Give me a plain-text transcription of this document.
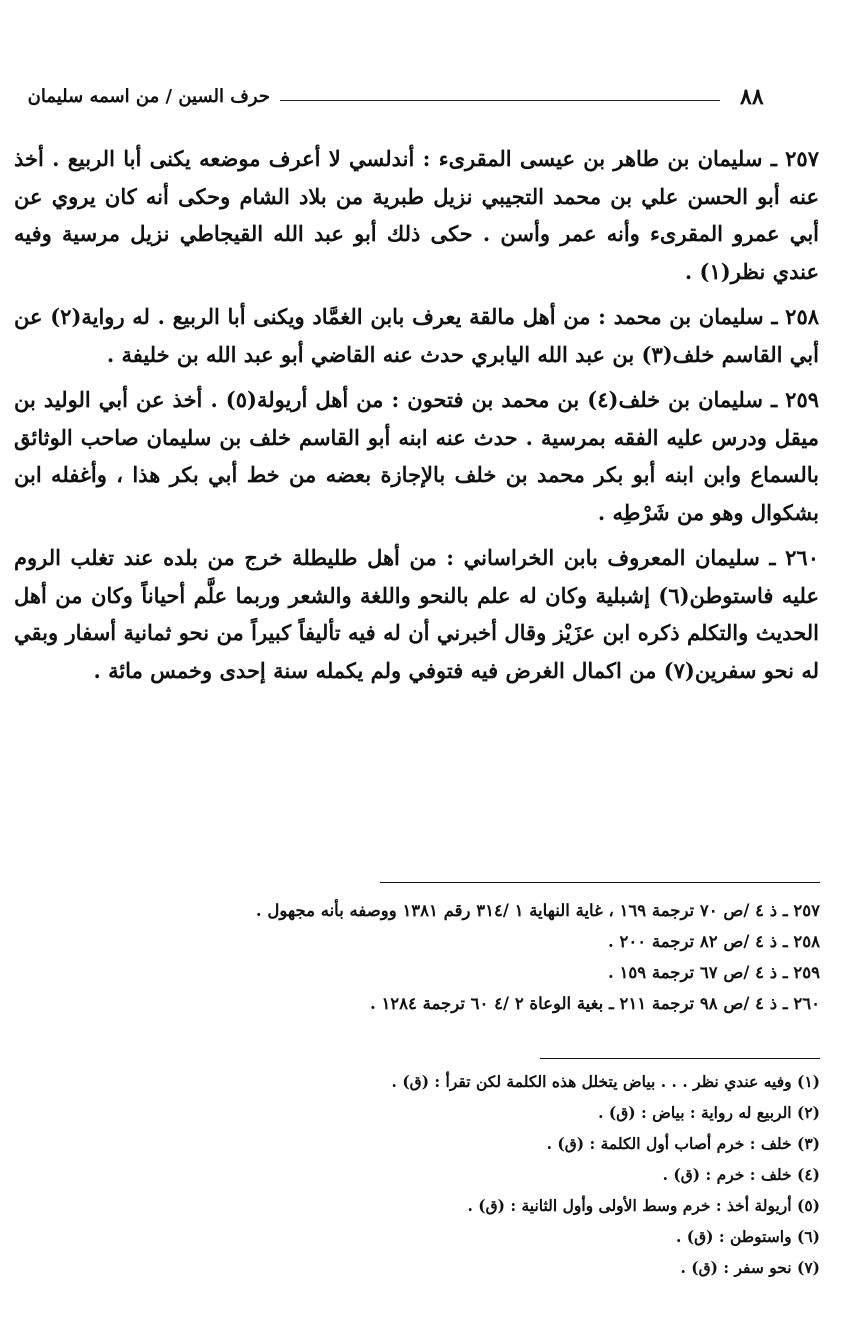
٨٨
حرف السين / من اسمه سليمان

٢٥٧ ـ سليمان بن طاهر بن عيسى المقرىء : أندلسي لا أعرف موضعه يكنى أبا الربيع . أخذ عنه أبو الحسن علي بن محمد التجيبي نزيل طبرية من بلاد الشام وحكى أنه كان يروي عن أبي عمرو المقرىء وأنه عمر وأسن . حكى ذلك أبو عبد الله القيجاطي نزيل مرسية وفيه عندي نظر(١) .

٢٥٨ ـ سليمان بن محمد : من أهل مالقة يعرف بابن الغمَّاد ويكنى أبا الربيع . له رواية(٢) عن أبي القاسم خلف(٣) بن عبد الله اليابري حدث عنه القاضي أبو عبد الله بن خليفة .

٢٥٩ ـ سليمان بن خلف(٤) بن محمد بن فتحون : من أهل أريولة(٥) . أخذ عن أبي الوليد بن ميقل ودرس عليه الفقه بمرسية . حدث عنه ابنه أبو القاسم خلف بن سليمان صاحب الوثائق بالسماع وابن ابنه أبو بكر محمد بن خلف بالإجازة بعضه من خط أبي بكر هذا ، وأغفله ابن بشكوال وهو من شَرْطِه .

٢٦٠ ـ سليمان المعروف بابن الخراساني : من أهل طليطلة خرج من بلده عند تغلب الروم عليه فاستوطن(٦) إشبلية وكان له علم بالنحو واللغة والشعر وربما علَّم أحياناً وكان من أهل الحديث والتكلم ذكره ابن عزَيْز وقال أخبرني أن له فيه تأليفاً كبيراً من نحو ثمانية أسفار وبقي له نحو سفرين(٧) من اكمال الغرض فيه فتوفي ولم يكمله سنة إحدى وخمس مائة .

٢٥٧ ـ ذ ٤ /ص ٧٠ ترجمة ١٦٩ ، غاية النهاية ١ /٣١٤ رقم ١٣٨١ ووصفه بأنه مجهول .
٢٥٨ ـ ذ ٤ /ص ٨٢ ترجمة ٢٠٠ .
٢٥٩ ـ ذ ٤ /ص ٦٧ ترجمة ١٥٩ .
٢٦٠ ـ ذ ٤ /ص ٩٨ ترجمة ٢١١ ـ بغية الوعاة ٢ /٤ ٦٠ ترجمة ١٢٨٤ .
(١) وفيه عندي نظر . . . بياض يتخلل هذه الكلمة لكن تقرأ : (ق) .
(٢) الربيع له رواية : بياض : (ق) .
(٣) خلف : خرم أصاب أول الكلمة : (ق) .
(٤) خلف : خرم : (ق) .
(٥) أريولة أخذ : خرم وسط الأولى وأول الثانية : (ق) .
(٦) واستوطن : (ق) .
(٧) نحو سفر : (ق) .
